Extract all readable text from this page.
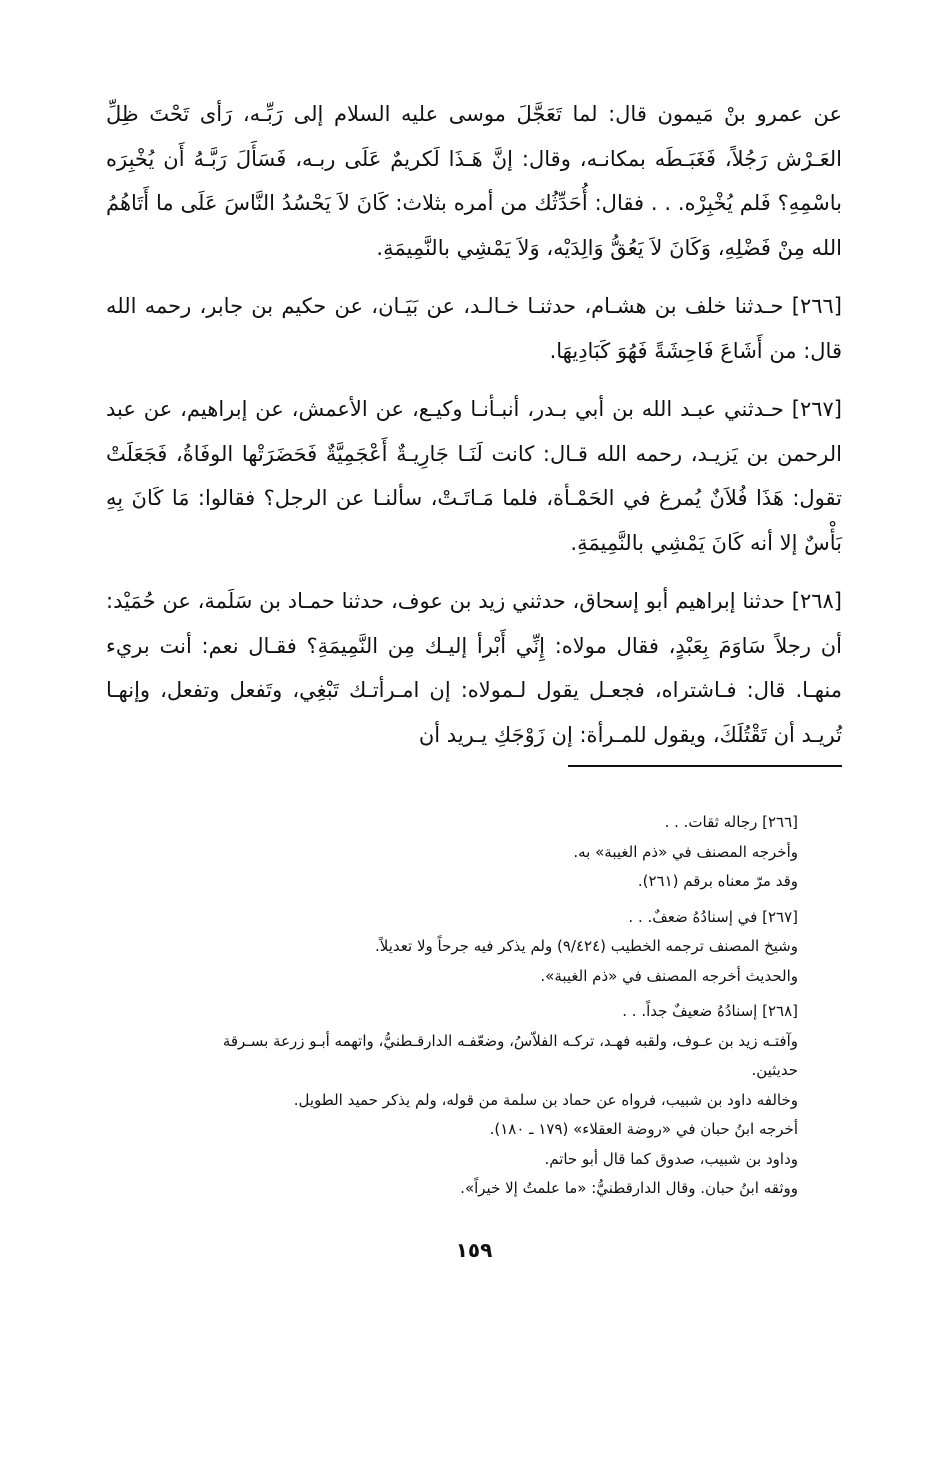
عن عمرو بنْ مَيمون قال: لما تَعَجَّلَ موسى عليه السلام إلى رَبِّـه، رَأى تَحْتَ ظِلِّ العَـرْش رَجُلاً، فَغَبَـطَه بمكانـه، وقال: إنَّ هَـذَا لَكريمٌ عَلَى ربـه، فَسَأَلَ رَبَّـهُ أَن يُخْبِرَه باسْمِهِ؟ فَلم يُخْبِرْه. . . فقال: أُحَدِّثُك من أمره بثلاث: كَانَ لاَ يَحْسُدُ النَّاسَ عَلَى ما أَتَاهُمُ الله مِنْ فَضْلِهِ، وَكَانَ لاَ يَعُقُّ وَالِدَيْه، وَلاَ يَمْشِي بالنَّمِيمَةِ.

[٢٦٦] حـدثنا خلف بن هشـام، حدثنـا خـالـد، عن بَيَـان، عن حكيم بن جابر، رحمه الله قال: من أَشَاعَ فَاحِشَةً فَهُوَ كَبَادِيهَا.

[٢٦٧] حـدثني عبـد الله بن أبي بـدر، أنبـأنـا وكيـع، عن الأعمش، عن إبراهيم، عن عبد الرحمن بن يَزيـد، رحمه الله قـال: كانت لَنَـا جَارِيـةٌ أَعْجَمِيَّةٌ فَحَضَرَتْها الوفَاةُ، فَجَعَلَتْ تقول: هَذَا فُلاَنٌ يُمرغ في الحَمْـأة، فلما مَـاتَـتْ، سألنـا عن الرجل؟ فقالوا: مَا كَانَ بِهِ بَأْسٌ إلا أنه كَانَ يَمْشِي بالنَّمِيمَةِ.

[٢٦٨] حدثنا إبراهيم أبو إسحاق، حدثني زيد بن عوف، حدثنا حمـاد بن سَلَمة، عن حُمَيْد: أن رجلاً سَاوَمَ بِعَبْدٍ، فقال مولاه: إِنِّي أَبْرأ إليـك مِن النَّمِيمَةِ؟ فقـال نعم: أنت بريء منهـا. قال: فـاشتراه، فجعـل يقول لـمولاه: إن امـرأتـك تَبْغِي، وتَفعل وتفعل، وإنهـا تُريـد أن تَقْتُلَكَ، ويقول للمـرأة: إن زَوْجَكِ يـريد أن

[٢٦٦] رجاله ثقات. . .
وأخرجه المصنف في «ذم الغيبة» به.
وقد مرّ معناه برقم (٢٦١).
[٢٦٧] في إسنادُهُ ضعفٌ. . .
وشيخ المصنف ترجمه الخطيب (٩/٤٢٤) ولم يذكر فيه جرحاً ولا تعديلاً.
والحديث أخرجه المصنف في «ذم الغيبة».
[٢٦٨] إسنادُهُ ضعيفٌ جداً. . .
وآفتـه زيد بن عـوف، ولقبه فهـد، تركـه الفلاّسُ، وضعّفـه الدارقـطنيُّ، واتهمه أبـو زرعة بسـرقة
حديثين.
وخالفه داود بن شبيب، فرواه عن حماد بن سلمة من قوله، ولم يذكر حميد الطويل.
أخرجه ابنُ حبان في «روضة العقلاء» (١٧٩ ـ ١٨٠).
وداود بن شبيب، صدوق كما قال أبو حاتم.
ووثقه ابنُ حبان. وقال الدارقطنيُّ: «ما علمتُ إلا خيراً».
١٥٩
